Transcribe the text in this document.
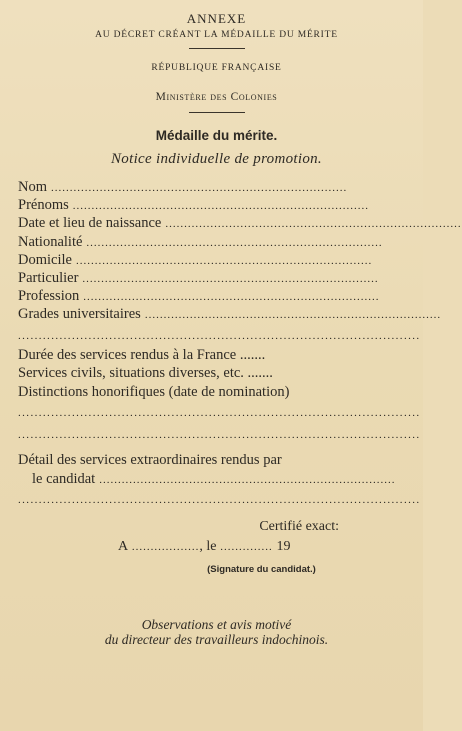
ANNEXE
AU DÉCRET CRÉANT LA MÉDAILLE DU MÉRITE
RÉPUBLIQUE FRANÇAISE
Ministère des Colonies
Médaille du mérite.
Notice individuelle de promotion.
Nom ...............................................................................
Prénoms ...............................................................................
Date et lieu de naissance ...............................................................................
Nationalité ...............................................................................
Domicile ...............................................................................
Particulier ...............................................................................
Profession ...............................................................................
Grades universitaires ...............................................................................
.................................................................................................
Durée des services rendus à la France .......
Services civils, situations diverses, etc. .......
Distinctions honorifiques (date de nomination)
.................................................................................................
.................................................................................................
Détail des services extraordinaires rendus par
le candidat ...............................................................................
.................................................................................................
Certifié exact:
A .................. , le .............. 19
(Signature du candidat.)
Observations et avis motivé
du directeur des travailleurs indochinois.
